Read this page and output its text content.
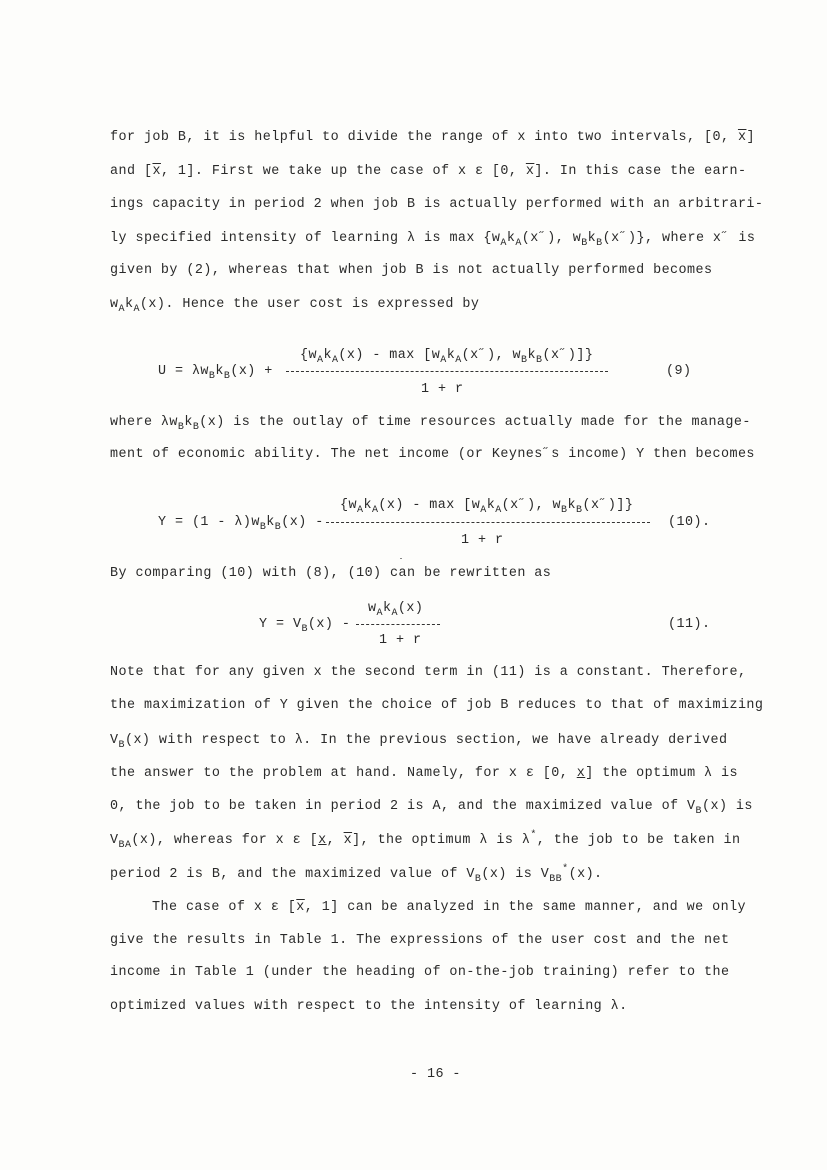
for job B, it is helpful to divide the range of x into two intervals, [0, $\overline{x}$]
and [$\overline{x}$, 1]. First we take up the case of x ε [0, $\overline{x}$]. In this case the earn-
ings capacity in period 2 when job B is actually performed with an arbitrari-
ly specified intensity of learning λ is $\max \{w_Ak_A(x˝)$, $w_Bk_B(x˝)$}, where x˝ is
given by (2), whereas that when job B is not actually performed becomes
$w_Ak_A(x)$. Hence the user cost is expressed by
$U = \lambda w_Bk_B(x)$ +
{$w_Ak_A(x)$ - $\max [w_Ak_A(x˝)$, $w_Bk_B(x˝)$]}
1 + r
(9)
where $\lambda w_Bk_B(x)$ is the outlay of time resources actually made for the manage-
ment of economic ability. The net income (or Keynes˝s income) Y then becomes
$Y = (1 - \lambda)w_Bk_B(x)$ -
{$w_Ak_A(x)$ - $\max [w_Ak_A(x˝)$, $w_Bk_B(x˝)$]}
1 + r
(10).
By comparing (10) with (8), (10) can be rewritten as
$Y = V_B(x)$ -
$w_Ak_A(x)$
1 + r
(11).
Note that for any given x the second term in (11) is a constant. Therefore,
the maximization of Y given the choice of job B reduces to that of maximizing
$V_B(x)$ with respect to λ. In the previous section, we have already derived
the answer to the problem at hand. Namely, for x ε [0, x] the optimum λ is
0, the job to be taken in period 2 is A, and the maximized value of $V_B(x)$ is
$V_{BA}(x)$, whereas for x ε [x, $\overline{x}$], the optimum λ is λ*, the job to be taken in
period 2 is B, and the maximized value of $V_B(x)$ is $V_{BB}^*(x)$.
The case of x ε [$\overline{x}$, 1] can be analyzed in the same manner, and we only
give the results in Table 1. The expressions of the user cost and the net
income in Table 1 (under the heading of on-the-job training) refer to the
optimized values with respect to the intensity of learning λ.
- 16 -
